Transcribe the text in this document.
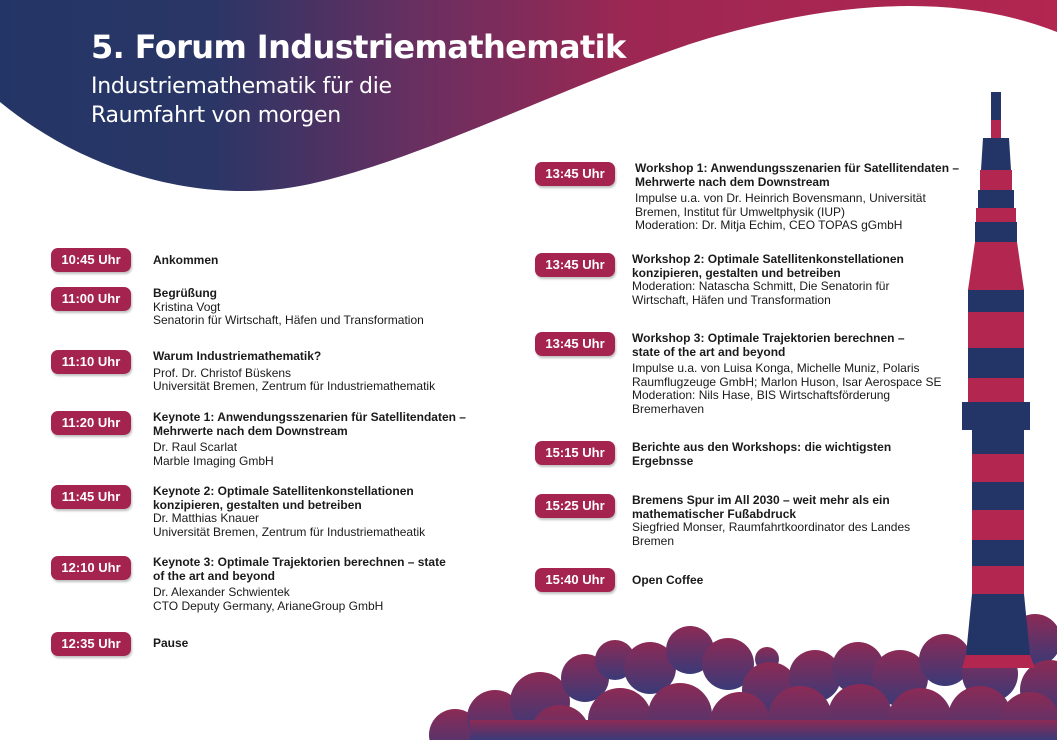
5. Forum Industriemathematik
Industriemathematik für die
Raumfahrt von morgen
10:45 Uhr	Ankommen
11:00 Uhr	Begrüßung
Kristina Vogt
Senatorin für Wirtschaft, Häfen und Transformation
11:10 Uhr	Warum Industriemathematik?
Prof. Dr. Christof Büskens
Universität Bremen, Zentrum für Industriemathematik
11:20 Uhr	Keynote 1: Anwendungsszenarien für Satellitendaten –
Mehrwerte nach dem Downstream
Dr. Raul Scarlat
Marble Imaging GmbH
11:45 Uhr	Keynote 2: Optimale Satellitenkonstellationen
konzipieren, gestalten und betreiben
Dr. Matthias Knauer
Universität Bremen, Zentrum für Industriematheatik
12:10 Uhr	Keynote 3: Optimale Trajektorien berechnen – state
of the art and beyond
Dr. Alexander Schwientek
CTO Deputy Germany, ArianeGroup GmbH
12:35 Uhr	Pause
13:45 Uhr	Workshop 1: Anwendungsszenarien für Satellitendaten –
Mehrwerte nach dem Downstream
Impulse u.a. von Dr. Heinrich Bovensmann, Universität
Bremen, Institut für Umweltphysik (IUP)
Moderation: Dr. Mitja Echim, CEO TOPAS gGmbH
13:45 Uhr	Workshop 2: Optimale Satellitenkonstellationen
konzipieren, gestalten und betreiben
Moderation: Natascha Schmitt, Die Senatorin für
Wirtschaft, Häfen und Transformation
13:45 Uhr	Workshop 3: Optimale Trajektorien berechnen –
state of the art and beyond
Impulse u.a. von Luisa Konga, Michelle Muniz, Polaris
Raumflugzeuge GmbH; Marlon Huson, Isar Aerospace SE
Moderation: Nils Hase, BIS Wirtschaftsförderung
Bremerhaven
15:15 Uhr	Berichte aus den Workshops: die wichtigsten
Ergebnsse
15:25 Uhr	Bremens Spur im All 2030 – weit mehr als ein
mathematischer Fußabdruck
Siegfried Monser, Raumfahrtkoordinator des Landes
Bremen
15:40 Uhr	Open Coffee
